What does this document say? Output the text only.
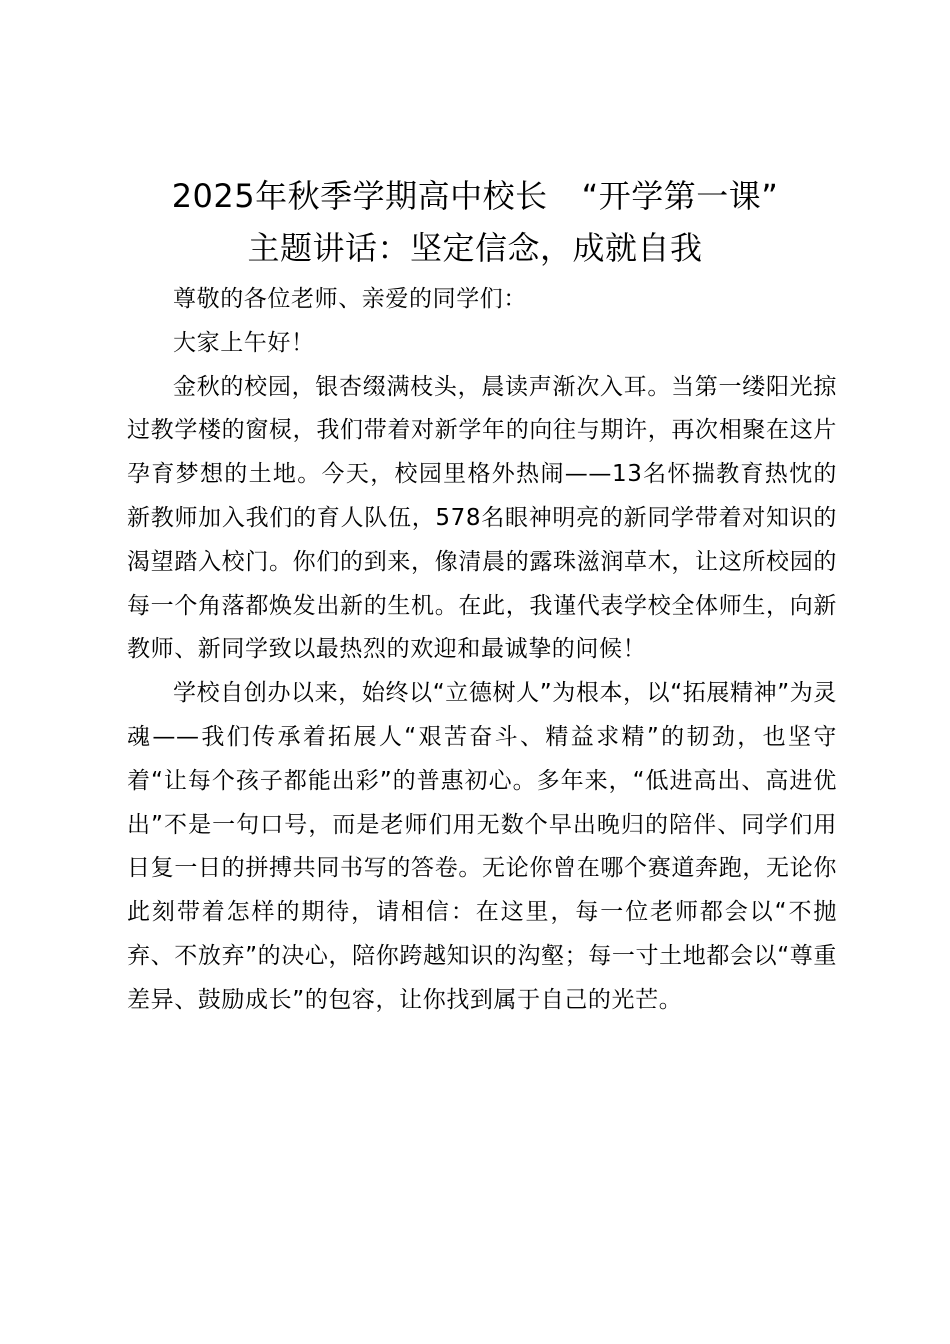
2025年秋季学期高中校长 “开学第一课”
主题讲话：坚定信念，成就自我

尊敬的各位老师、亲爱的同学们：

大家上午好！

金秋的校园，银杏缀满枝头，晨读声渐次入耳。当第一缕阳光掠过教学楼的窗棂，我们带着对新学年的向往与期许，再次相聚在这片孕育梦想的土地。今天，校园里格外热闹——13名怀揣教育热忱的新教师加入我们的育人队伍，578名眼神明亮的新同学带着对知识的渴望踏入校门。你们的到来，像清晨的露珠滋润草木，让这所校园的每一个角落都焕发出新的生机。在此，我谨代表学校全体师生，向新教师、新同学致以最热烈的欢迎和最诚挚的问候！

学校自创办以来，始终以“立德树人”为根本，以“拓展精神”为灵魂——我们传承着拓展人“艰苦奋斗、精益求精”的韧劲，也坚守着“让每个孩子都能出彩”的普惠初心。多年来，“低进高出、高进优出”不是一句口号，而是老师们用无数个早出晚归的陪伴、同学们用日复一日的拼搏共同书写的答卷。无论你曾在哪个赛道奔跑，无论你此刻带着怎样的期待，请相信：在这里，每一位老师都会以“不抛弃、不放弃”的决心，陪你跨越知识的沟壑；每一寸土地都会以“尊重差异、鼓励成长”的包容，让你找到属于自己的光芒。
